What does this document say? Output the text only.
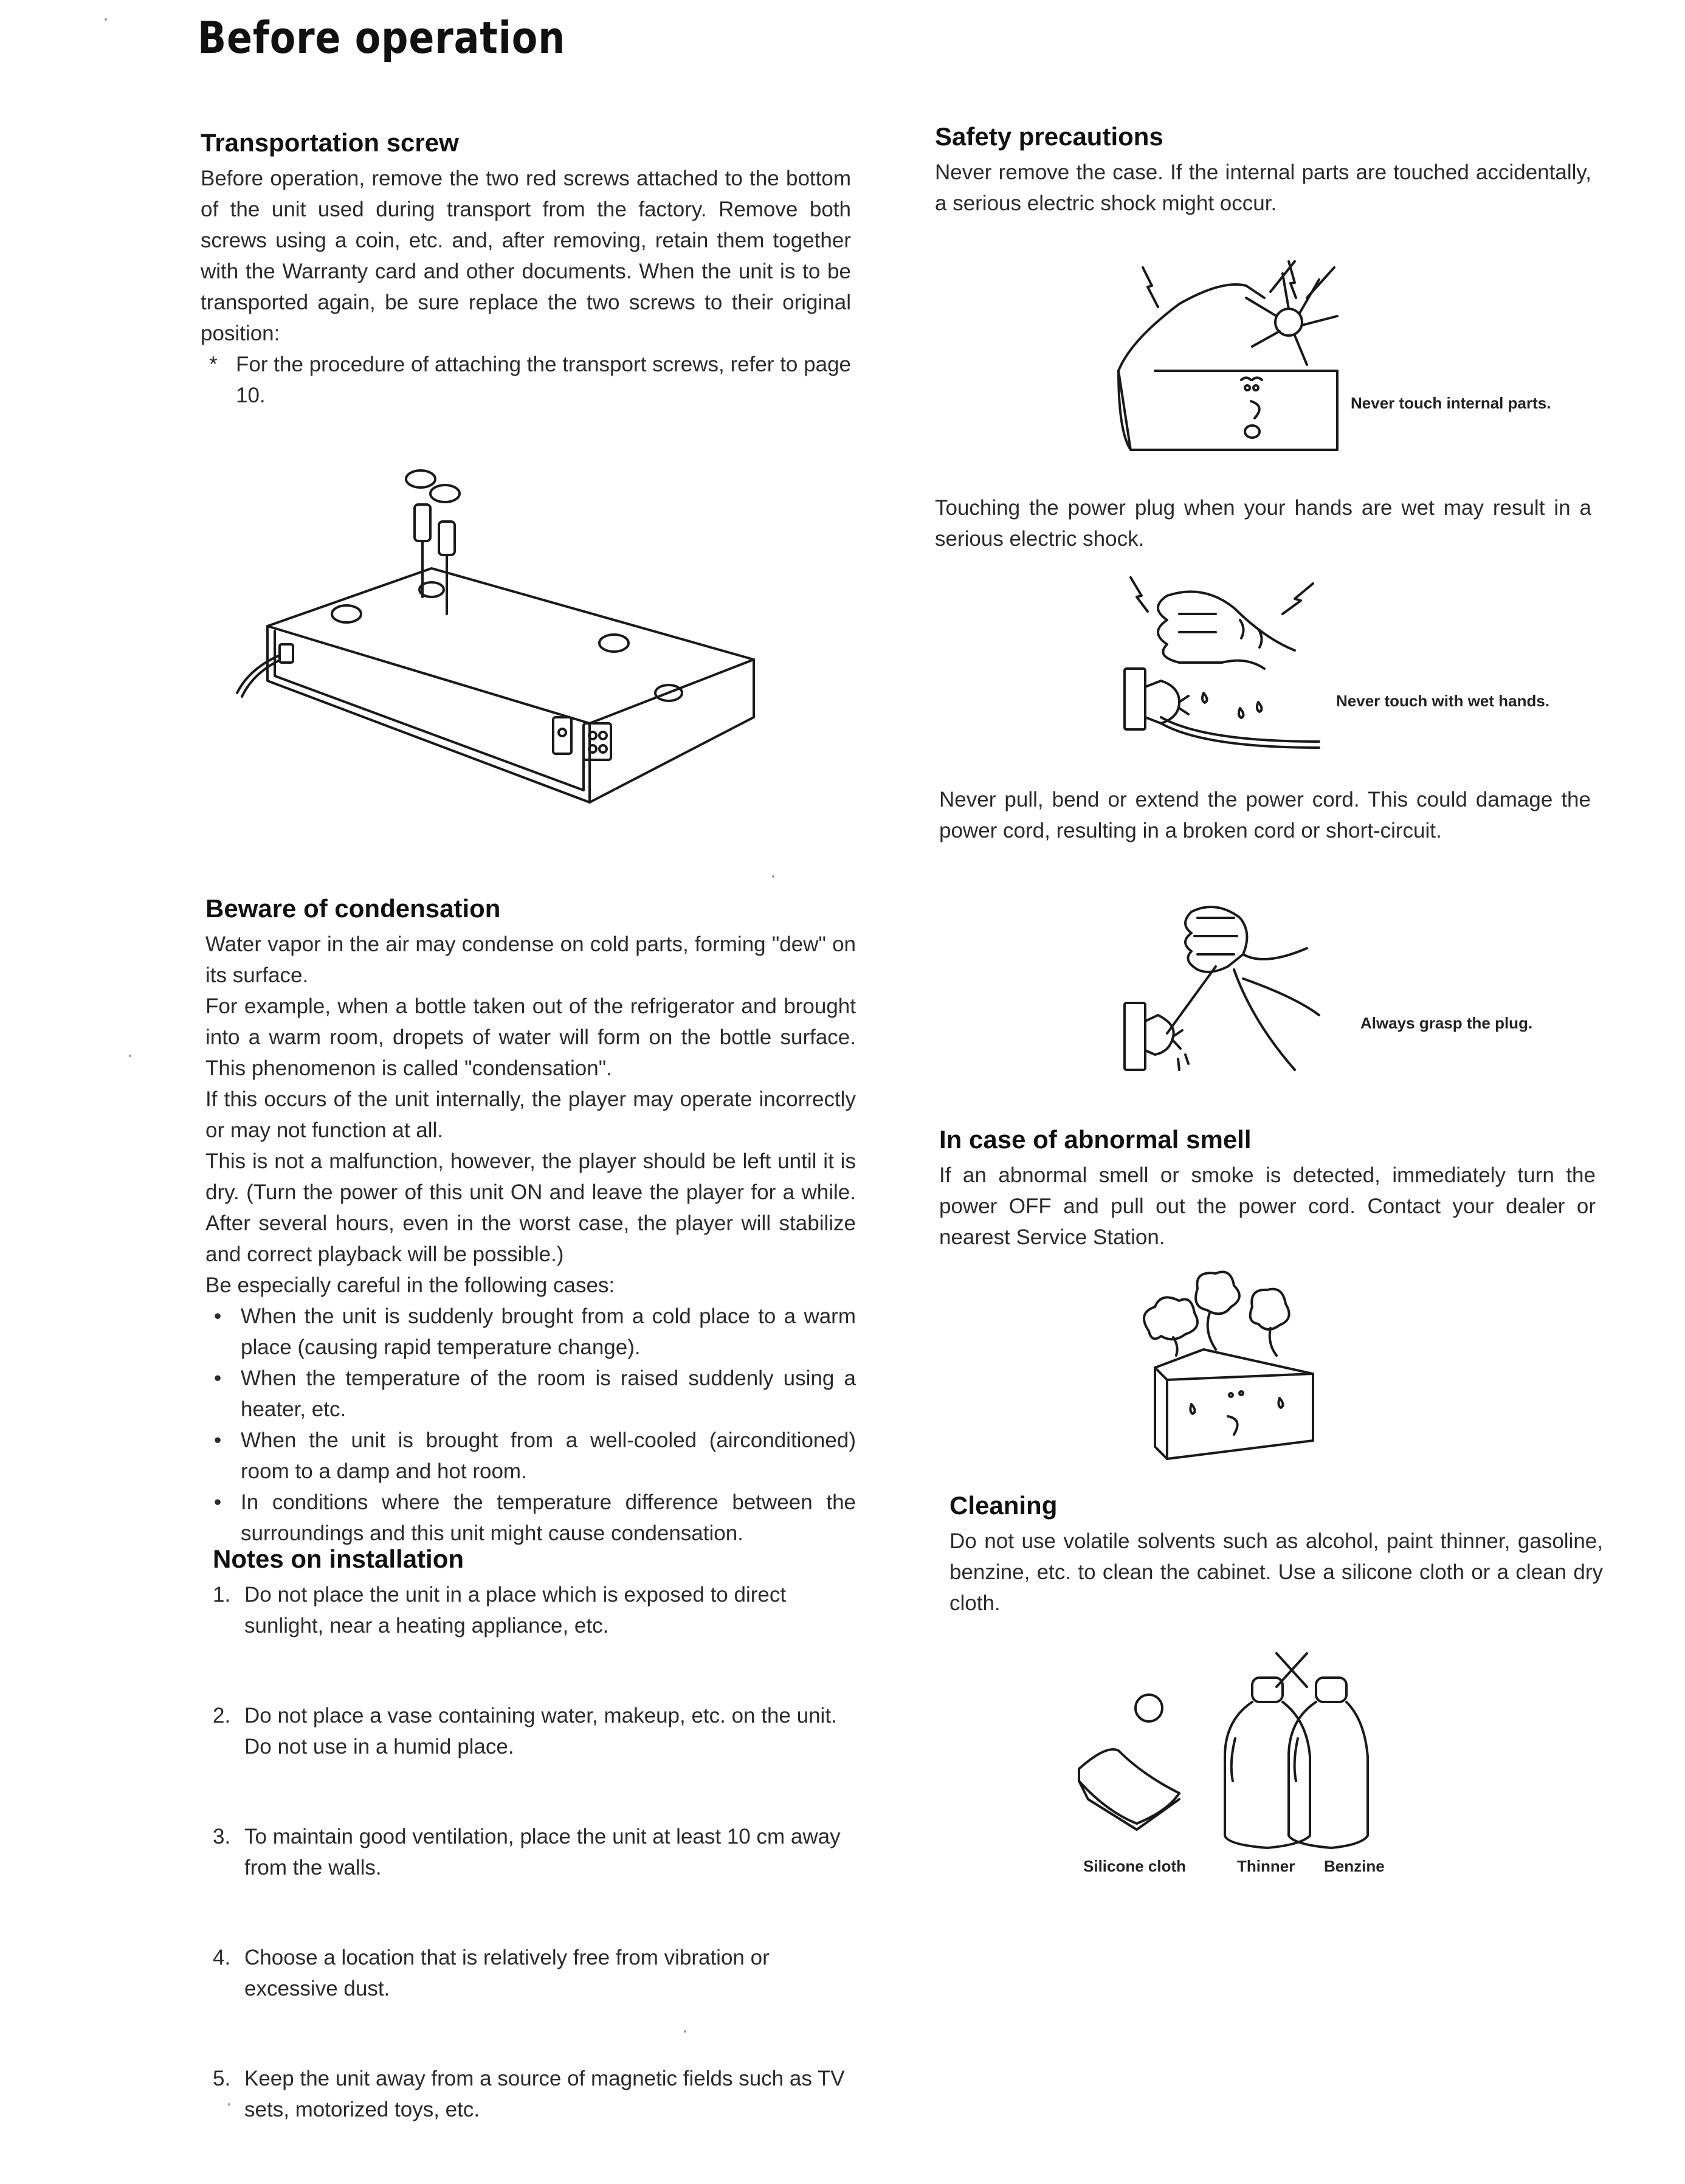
Before operation
Transportation screw

Before operation, remove the two red screws attached to the bottom of the unit used during transport from the factory. Remove both screws using a coin, etc. and, after removing, retain them together with the Warranty card and other documents. When the unit is to be transported again, be sure replace the two screws to their original position:

* For the procedure of attaching the transport screws, refer to page 10.
Beware of condensation

Water vapor in the air may condense on cold parts, forming "dew" on its surface.

For example, when a bottle taken out of the refrigerator and brought into a warm room, dropets of water will form on the bottle surface. This phenomenon is called "condensation".

If this occurs of the unit internally, the player may operate incorrectly or may not function at all.

This is not a malfunction, however, the player should be left until it is dry. (Turn the power of this unit ON and leave the player for a while. After several hours, even in the worst case, the player will stabilize and correct playback will be possible.)

Be especially careful in the following cases:

• When the unit is suddenly brought from a cold place to a warm place (causing rapid temperature change).
• When the temperature of the room is raised suddenly using a heater, etc.
• When the unit is brought from a well-cooled (airconditioned) room to a damp and hot room.
• In conditions where the temperature difference between the surroundings and this unit might cause condensation.
Notes on installation
1. Do not place the unit in a place which is exposed to direct sunlight, near a heating appliance, etc.
2. Do not place a vase containing water, makeup, etc. on the unit. Do not use in a humid place.
3. To maintain good ventilation, place the unit at least 10 cm away from the walls.
4. Choose a location that is relatively free from vibration or excessive dust.
5. Keep the unit away from a source of magnetic fields such as TV sets, motorized toys, etc.
Safety precautions

Never remove the case. If the internal parts are touched accidentally, a serious electric shock might occur.

Never touch internal parts.

Touching the power plug when your hands are wet may result in a serious electric shock.

Never touch with wet hands.

Never pull, bend or extend the power cord. This could damage the power cord, resulting in a broken cord or short-circuit.

Always grasp the plug.
In case of abnormal smell

If an abnormal smell or smoke is detected, immediately turn the power OFF and pull out the power cord. Contact your dealer or nearest Service Station.

Cleaning

Do not use volatile solvents such as alcohol, paint thinner, gasoline, benzine, etc. to clean the cabinet. Use a silicone cloth or a clean dry cloth.

Silicone cloth	Thinner Benzine
